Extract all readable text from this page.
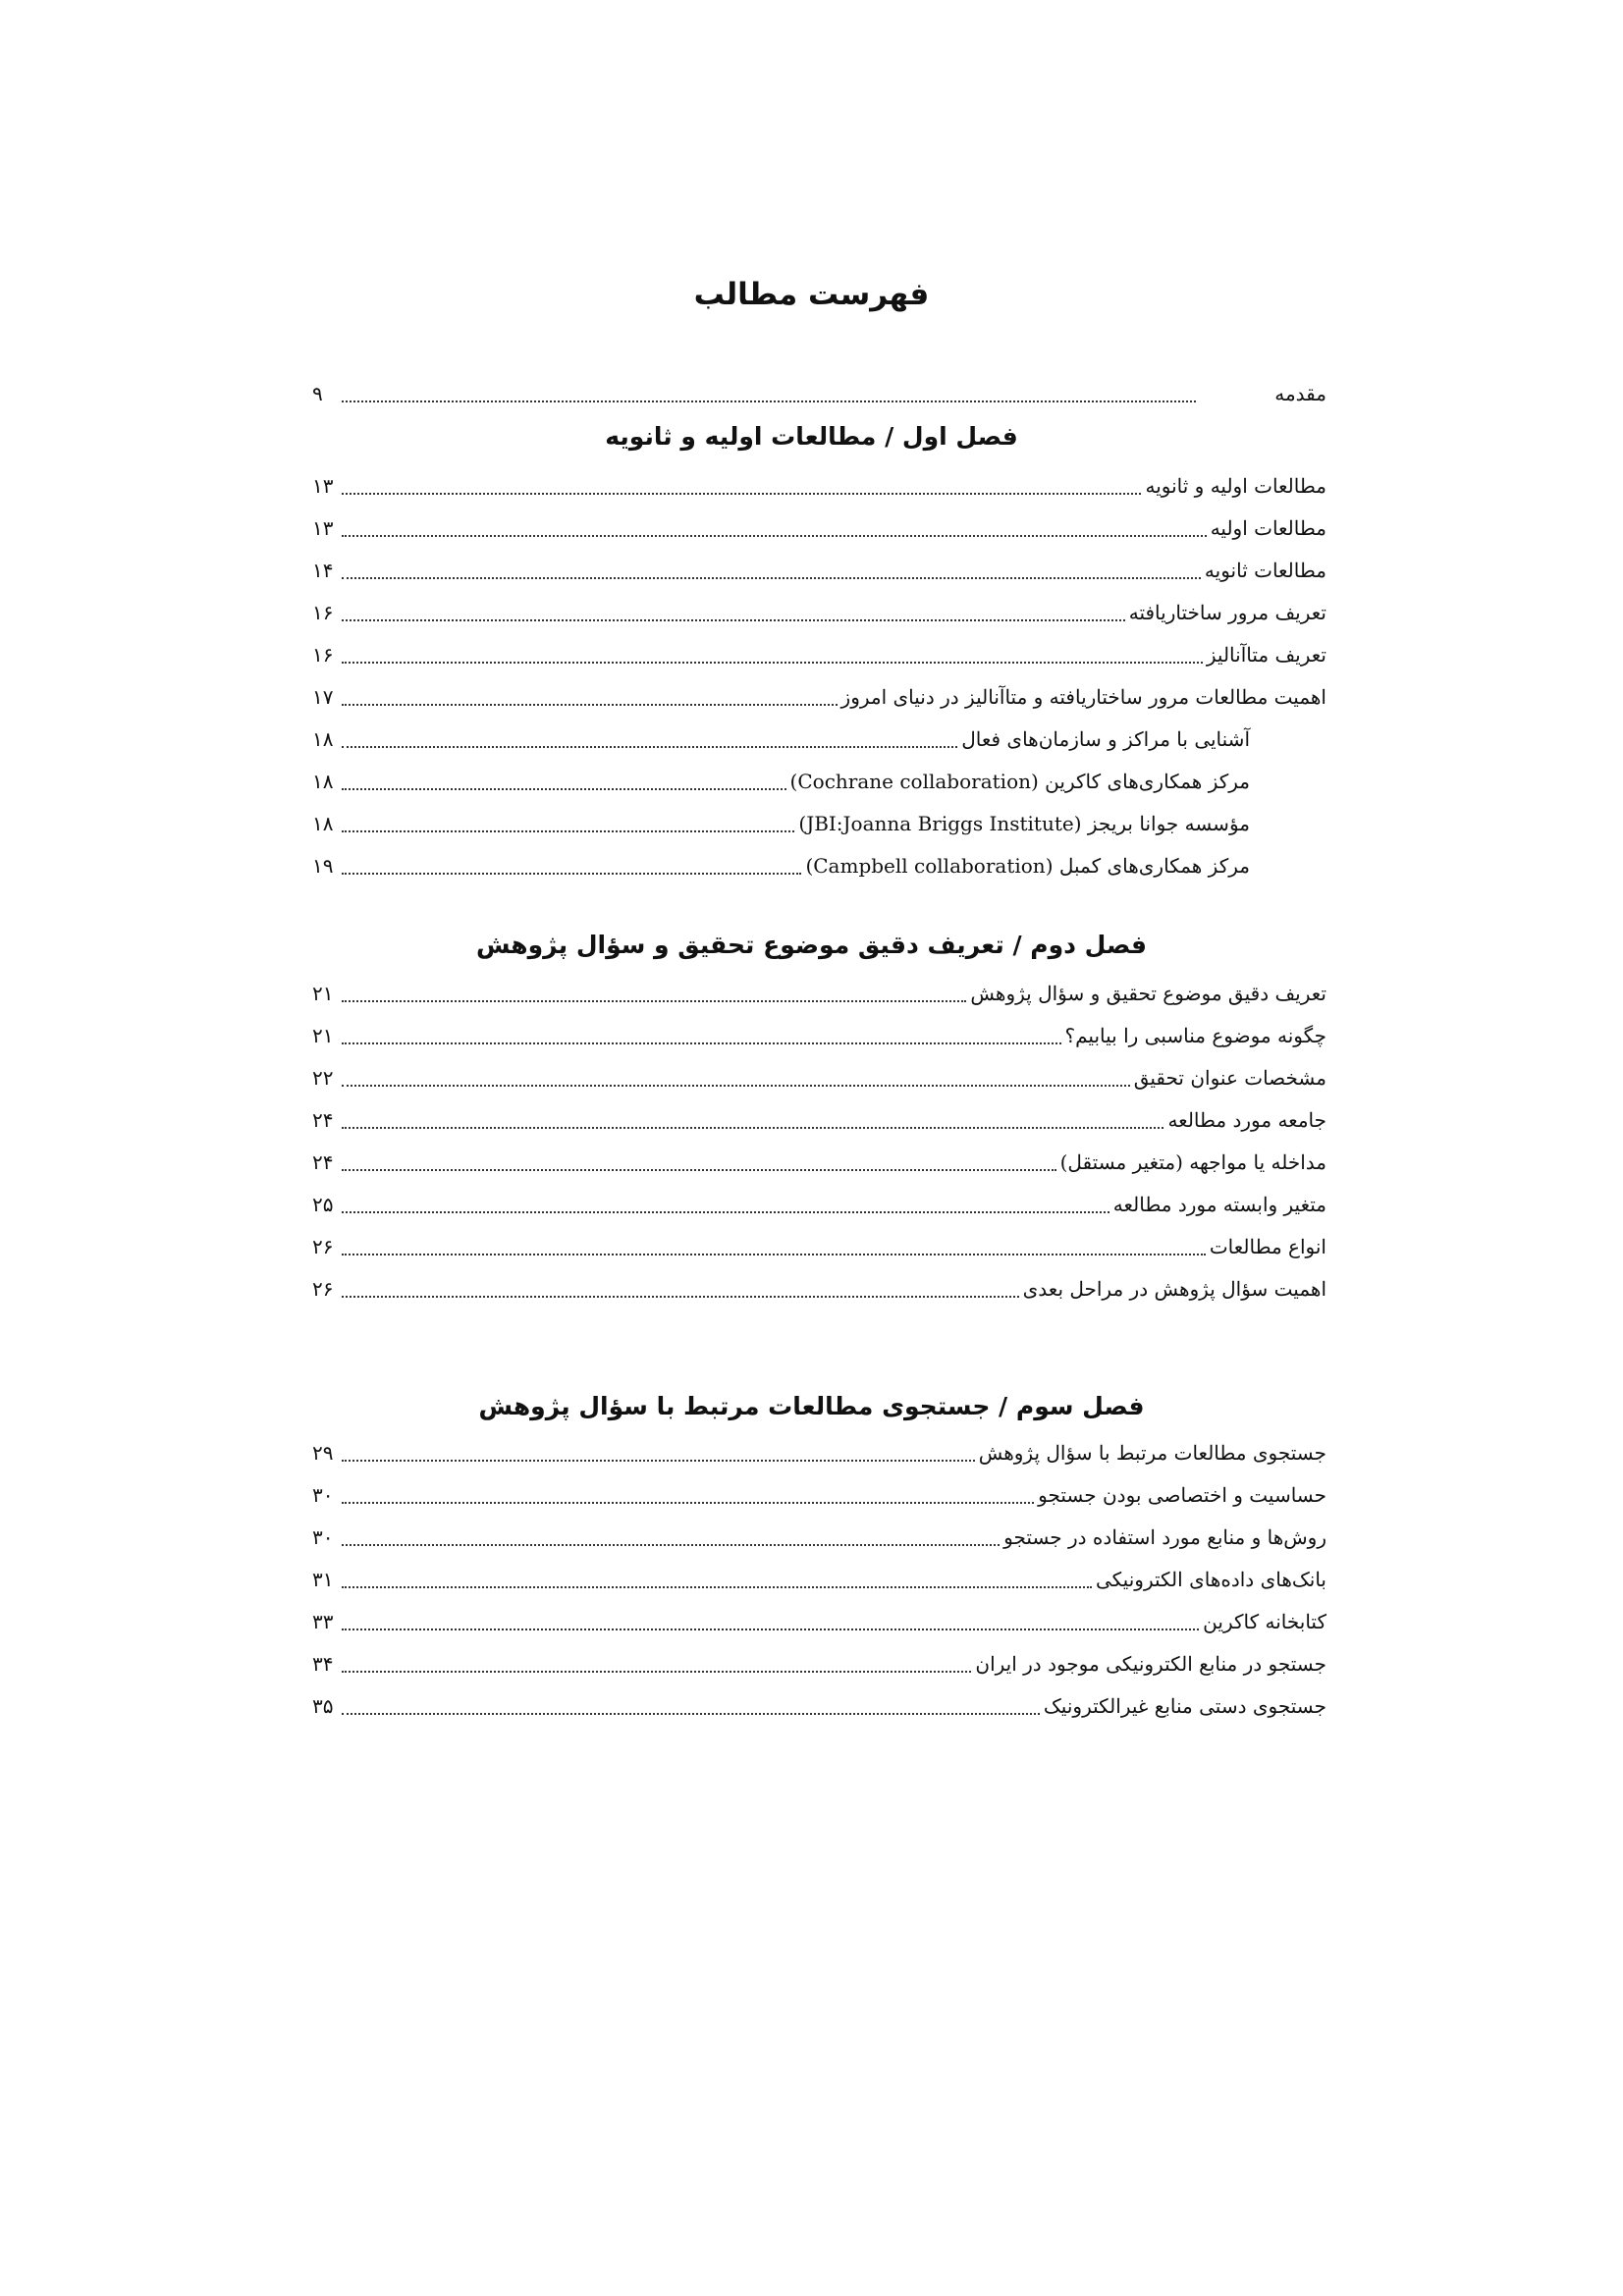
فهرست مطالب
مقدمه
۹
فصل اول / مطالعات اولیه و ثانویه
مطالعات اولیه و ثانویه
۱۳
مطالعات اولیه
۱۳
مطالعات ثانویه
۱۴
تعریف مرور ساختاریافته
۱۶
تعریف متاآنالیز
۱۶
اهمیت مطالعات مرور ساختاریافته و متاآنالیز در دنیای امروز
۱۷
آشنایی با مراکز و سازمان‌های فعال
۱۸
مرکز همکاری‌های کاکرین (Cochrane collaboration)
۱۸
مؤسسه جوانا بریجز (JBI:Joanna Briggs Institute)
۱۸
مرکز همکاری‌های کمبل (Campbell collaboration)
۱۹
فصل دوم / تعریف دقیق موضوع تحقیق و سؤال پژوهش
تعریف دقیق موضوع تحقیق و سؤال پژوهش
۲۱
چگونه موضوع مناسبی را بیابیم؟
۲۱
مشخصات عنوان تحقیق
۲۲
جامعه مورد مطالعه
۲۴
مداخله یا مواجهه (متغیر مستقل)
۲۴
متغیر وابسته مورد مطالعه
۲۵
انواع مطالعات
۲۶
اهمیت سؤال پژوهش در مراحل بعدی
۲۶
فصل سوم / جستجوی مطالعات مرتبط با سؤال پژوهش
جستجوی مطالعات مرتبط با سؤال پژوهش
۲۹
حساسیت و اختصاصی بودن جستجو
۳۰
روش‌ها و منابع مورد استفاده در جستجو
۳۰
بانک‌های داده‌های الکترونیکی
۳۱
کتابخانه کاکرین
۳۳
جستجو در منابع الکترونیکی موجود در ایران
۳۴
جستجوی دستی منابع غیرالکترونیک
۳۵
